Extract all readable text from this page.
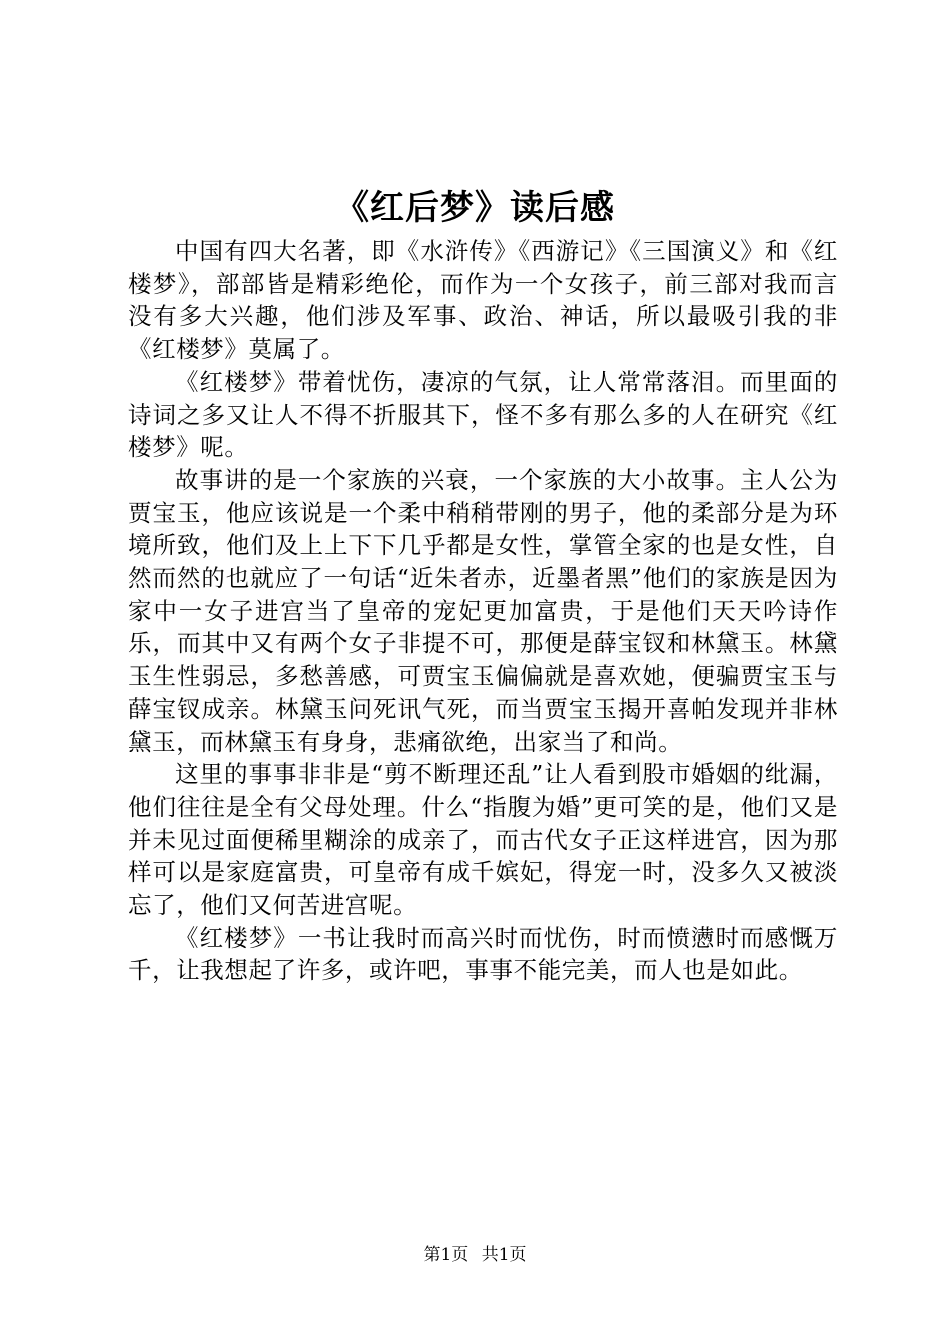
《红后梦》读后感

中国有四大名著，即《水浒传》《西游记》《三国演义》和《红楼梦》，部部皆是精彩绝伦，而作为一个女孩子，前三部对我而言没有多大兴趣，他们涉及军事、政治、神话，所以最吸引我的非《红楼梦》莫属了。

《红楼梦》带着忧伤，凄凉的气氛，让人常常落泪。而里面的诗词之多又让人不得不折服其下，怪不多有那么多的人在研究《红楼梦》呢。

故事讲的是一个家族的兴衰，一个家族的大小故事。主人公为贾宝玉，他应该说是一个柔中稍稍带刚的男子，他的柔部分是为环境所致，他们及上上下下几乎都是女性，掌管全家的也是女性，自然而然的也就应了一句话“近朱者赤，近墨者黑”他们的家族是因为家中一女子进宫当了皇帝的宠妃更加富贵，于是他们天天吟诗作乐，而其中又有两个女子非提不可，那便是薛宝钗和林黛玉。林黛玉生性弱忌，多愁善感，可贾宝玉偏偏就是喜欢她，便骗贾宝玉与薛宝钗成亲。林黛玉问死讯气死，而当贾宝玉揭开喜帕发现并非林黛玉，而林黛玉有身身，悲痛欲绝，出家当了和尚。

这里的事事非非是“剪不断理还乱”让人看到股市婚姻的纰漏，他们往往是全有父母处理。什么“指腹为婚”更可笑的是，他们又是并未见过面便稀里糊涂的成亲了，而古代女子正这样进宫，因为那样可以是家庭富贵，可皇帝有成千嫔妃，得宠一时，没多久又被淡忘了，他们又何苦进宫呢。

《红楼梦》一书让我时而高兴时而忧伤，时而愤懑时而感慨万千，让我想起了许多，或许吧，事事不能完美，而人也是如此。

第1页 共1页
